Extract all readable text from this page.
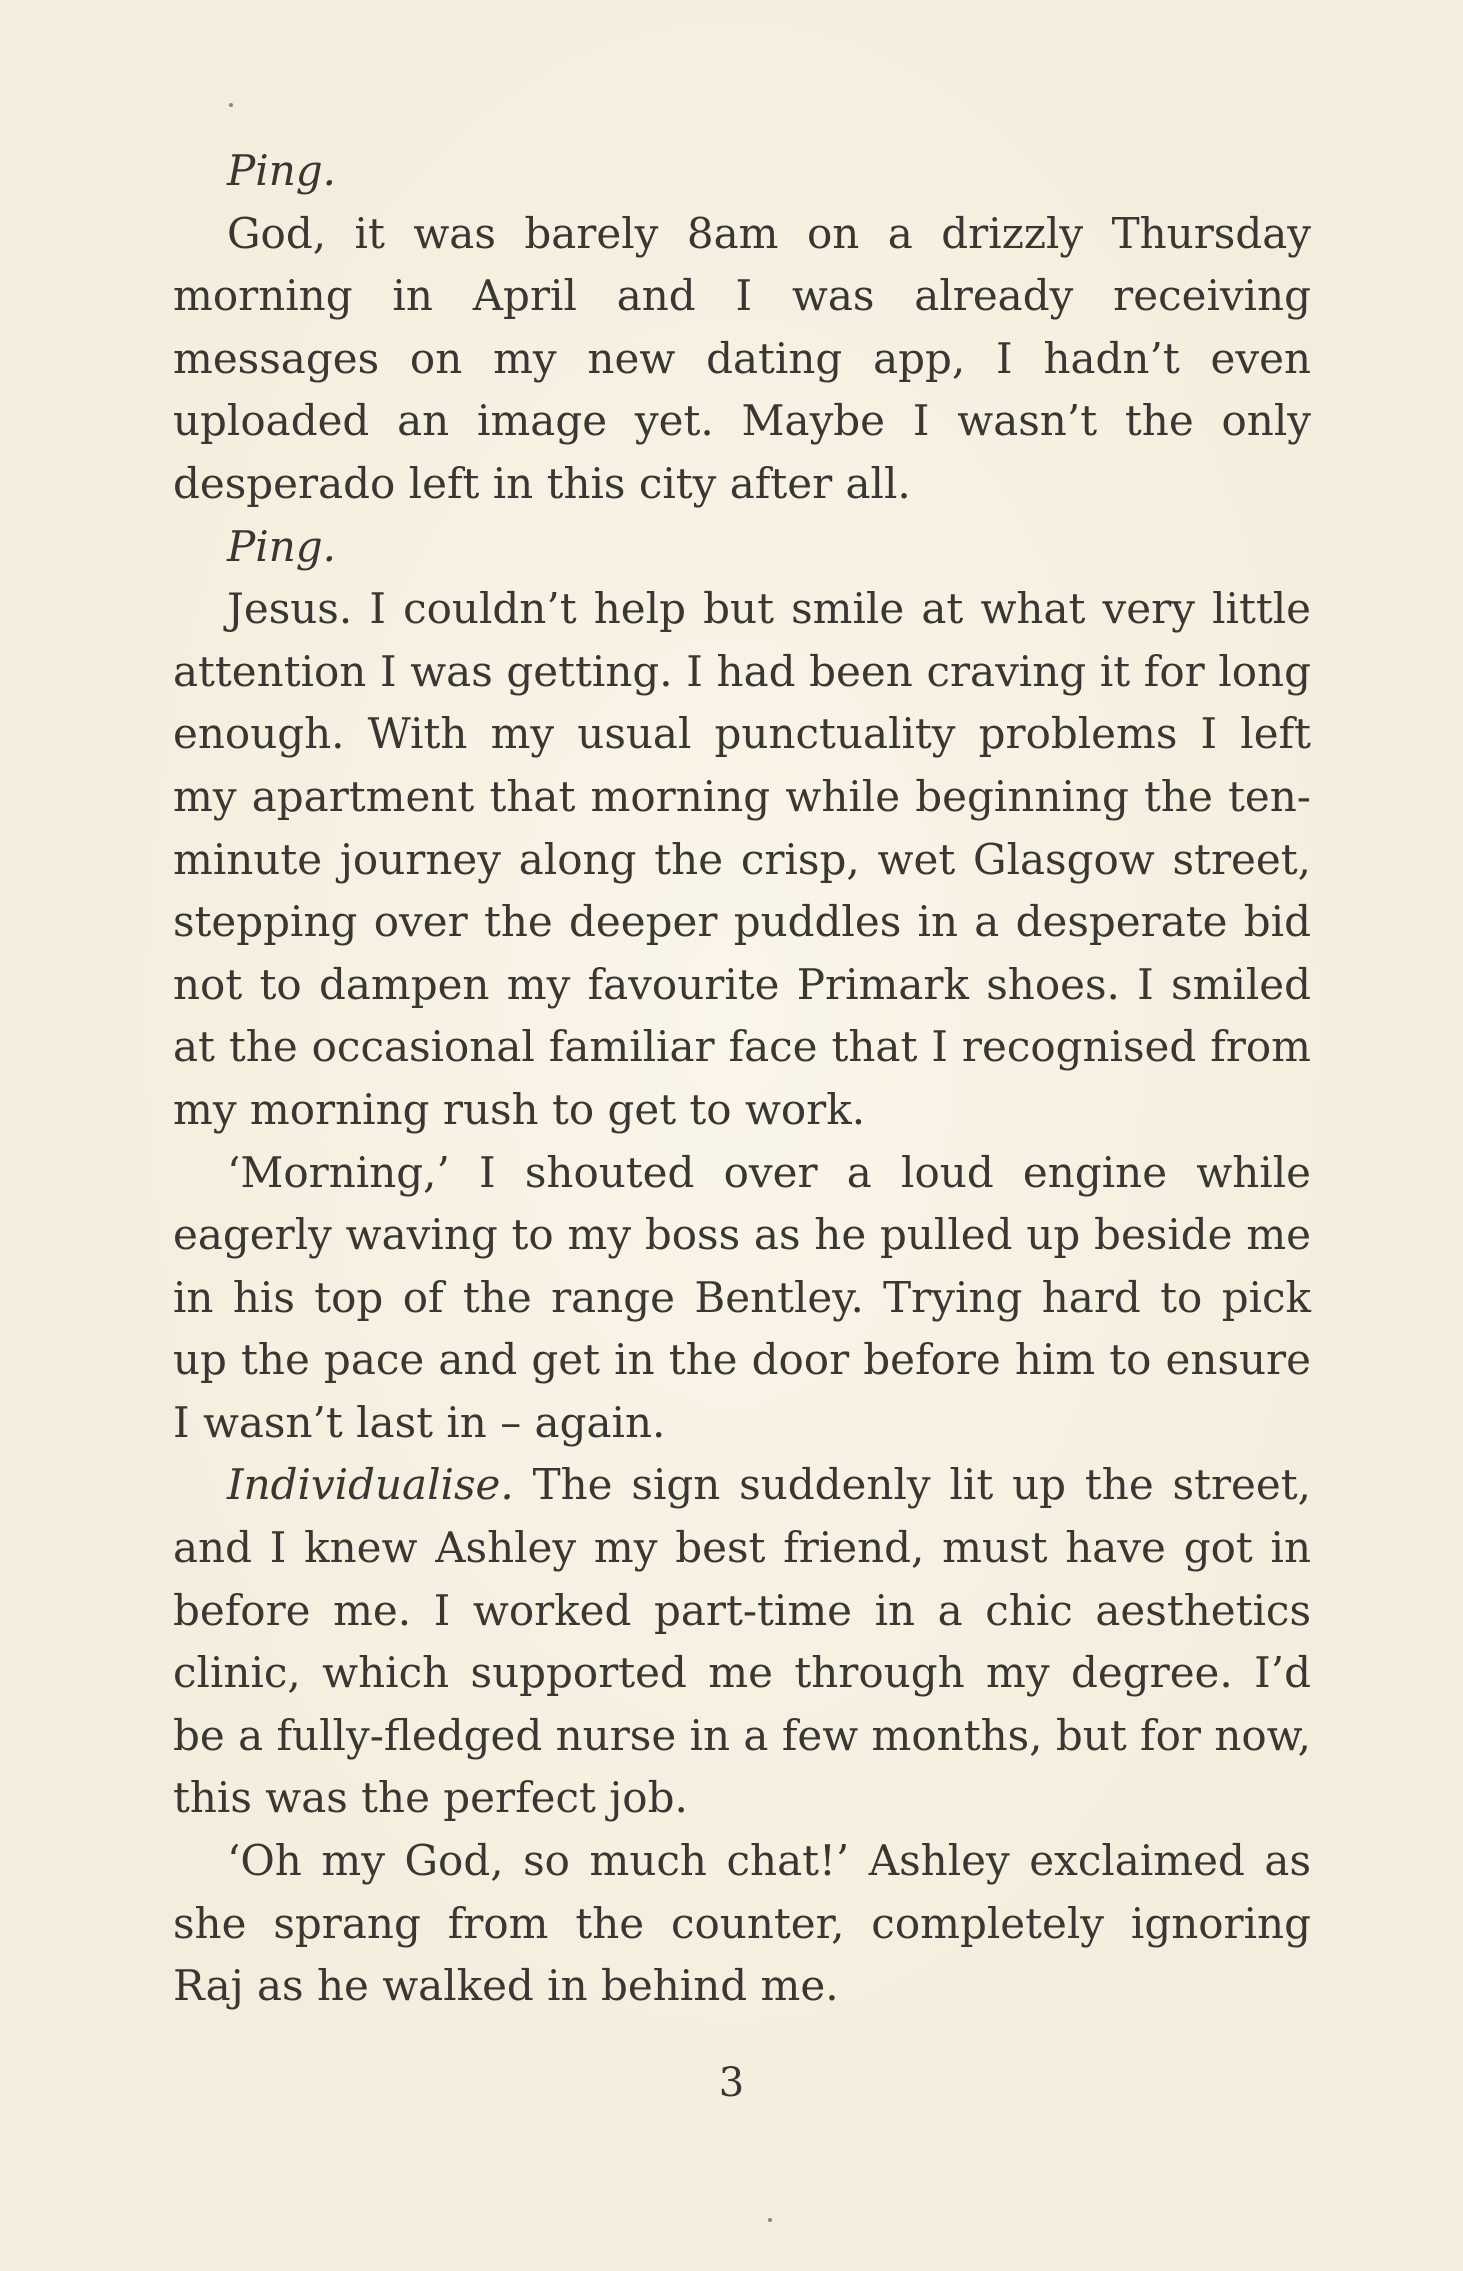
Ping.

God, it was barely 8am on a drizzly Thursday morning in April and I was already receiving messages on my new dating app, I hadn’t even uploaded an image yet. Maybe I wasn’t the only desperado left in this city after all.

Ping.

Jesus. I couldn’t help but smile at what very little attention I was getting. I had been craving it for long enough. With my usual punctuality problems I left my apartment that morning while beginning the ten-minute journey along the crisp, wet Glasgow street, stepping over the deeper puddles in a desperate bid not to dampen my favourite Primark shoes. I smiled at the occasional familiar face that I recognised from my morning rush to get to work.

‘Morning,’ I shouted over a loud engine while eagerly waving to my boss as he pulled up beside me in his top of the range Bentley. Trying hard to pick up the pace and get in the door before him to ensure I wasn’t last in – again.

Individualise. The sign suddenly lit up the street, and I knew Ashley my best friend, must have got in before me. I worked part-time in a chic aesthetics clinic, which supported me through my degree. I’d be a fully-fledged nurse in a few months, but for now, this was the perfect job.

‘Oh my God, so much chat!’ Ashley exclaimed as she sprang from the counter, completely ignoring Raj as he walked in behind me.

3
